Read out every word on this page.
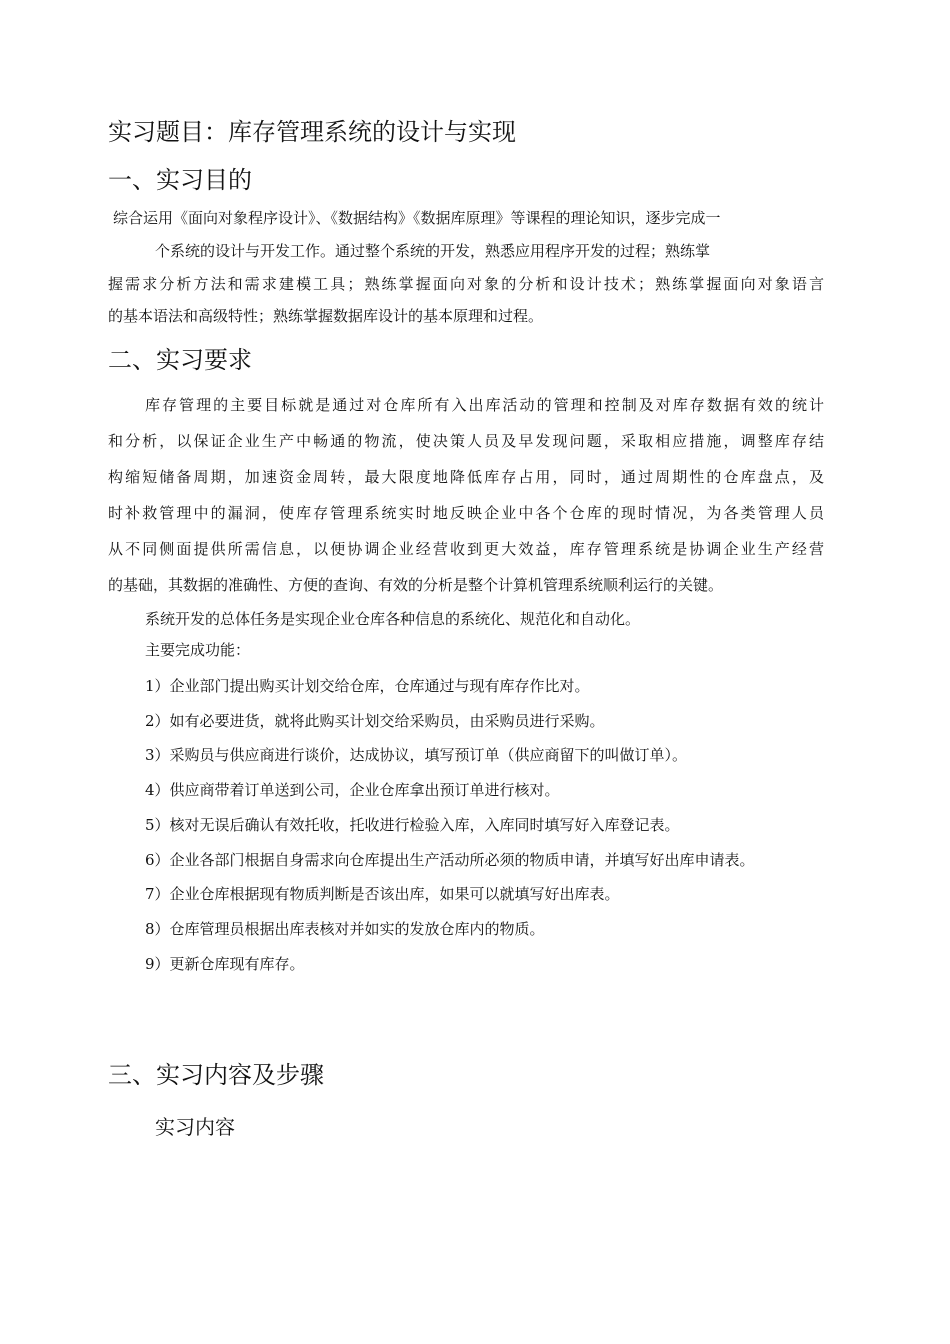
实习题目：库存管理系统的设计与实现
一、实习目的
综合运用《面向对象程序设计》、《数据结构》《数据库原理》等课程的理论知识，逐步完成一
个系统的设计与开发工作。通过整个系统的开发，熟悉应用程序开发的过程；熟练掌
握需求分析方法和需求建模工具；熟练掌握面向对象的分析和设计技术；熟练掌握面向对象语言
的基本语法和高级特性；熟练掌握数据库设计的基本原理和过程。
二、实习要求
库存管理的主要目标就是通过对仓库所有入出库活动的管理和控制及对库存数据有效的统计
和分析，以保证企业生产中畅通的物流，使决策人员及早发现问题，采取相应措施，调整库存结
构缩短储备周期，加速资金周转，最大限度地降低库存占用，同时，通过周期性的仓库盘点，及
时补救管理中的漏洞，使库存管理系统实时地反映企业中各个仓库的现时情况，为各类管理人员
从不同侧面提供所需信息，以便协调企业经营收到更大效益，库存管理系统是协调企业生产经营
的基础，其数据的准确性、方便的查询、有效的分析是整个计算机管理系统顺利运行的关键。
系统开发的总体任务是实现企业仓库各种信息的系统化、规范化和自动化。
主要完成功能：
1）企业部门提出购买计划交给仓库，仓库通过与现有库存作比对。
2）如有必要进货，就将此购买计划交给采购员，由采购员进行采购。
3）采购员与供应商进行谈价，达成协议，填写预订单（供应商留下的叫做订单）。
4）供应商带着订单送到公司，企业仓库拿出预订单进行核对。
5）核对无误后确认有效托收，托收进行检验入库，入库同时填写好入库登记表。
6）企业各部门根据自身需求向仓库提出生产活动所必须的物质申请，并填写好出库申请表。
7）企业仓库根据现有物质判断是否该出库，如果可以就填写好出库表。
8）仓库管理员根据出库表核对并如实的发放仓库内的物质。
9）更新仓库现有库存。
三、实习内容及步骤
实习内容
